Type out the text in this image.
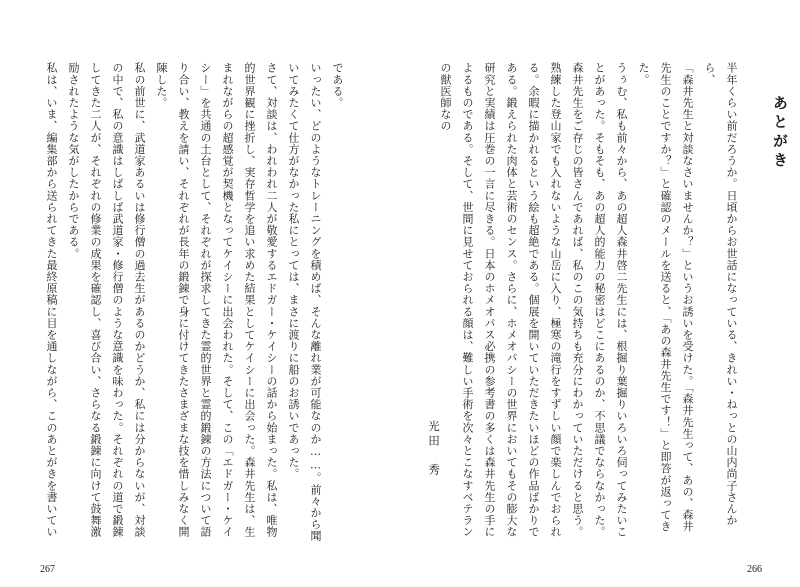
である。
いったい、どのようなトレーニングを積めば、そんな離れ業が可能なのか……。前々から聞いてみたくて仕方がなかった私にとっては、まさに渡りに船のお誘いであった。
さて、対談は、われわれ二人が敬愛するエドガー・ケイシーの話から始まった。私は、唯物的世界観に挫折し、実存哲学を追い求めた結果としてケイシーに出会った。森井先生は、生まれながらの超感覚が契機となってケイシーに出会われた。そして、この「エドガー・ケイシー」を共通の土台として、それぞれが探求してきた霊的世界と霊的鍛錬の方法について語り合い、教えを請い、それぞれが長年の鍛錬で身に付けてきたさまざまな技を惜しみなく開陳した。
私の前世に、武道家あるいは修行僧の過去生があるのかどうか、私には分からないが、対談の中で、私の意識はしばしば武道家・修行僧のような意識を味わった。それぞれの道で鍛錬してきた二人が、それぞれの修業の成果を確認し、喜び合い、さらなる鍛錬に向けて鼓舞激励されたような気がしたからである。
私は、いま、編集部から送られてきた最終原稿に目を通しながら、このあとがきを書いてい
267
あとがき
半年くらい前だろうか。日頃からお世話になっている、きれい・ねっとの山内尚子さんから、
「森井先生と対談なさいませんか？」というお誘いを受けた。「森井先生って、あの、森井先生のことですか？」と確認のメールを送ると、「あの森井先生です！」と即答が返ってきた。
うぅむ、私も前々から、あの超人森井啓二先生には、根掘り葉掘りいろいろ伺ってみたいことがあった。そもそも、あの超人的能力の秘密はどこにあるのか、不思議でならなかった。森井先生をご存じの皆さんであれば、私のこの気持ちも充分にわかっていただけると思う。熟練した登山家でも入れないような山岳に入り、極寒の滝行をすずしい顔で楽しんでおられる。余暇に描かれるという絵も超絶である。個展を開いていただきたいほどの作品ばかりである。鍛えられた肉体と芸術のセンス。さらに、ホメオパシーの世界においてもその膨大な研究と実績は圧巻の一言に尽きる。日本のホメオパス必携の参考書の多くは森井先生の手によるものである。そして、世間に見せておられる顔は、難しい手術を次々とこなすベテランの獣医師なの
光田　秀
266
